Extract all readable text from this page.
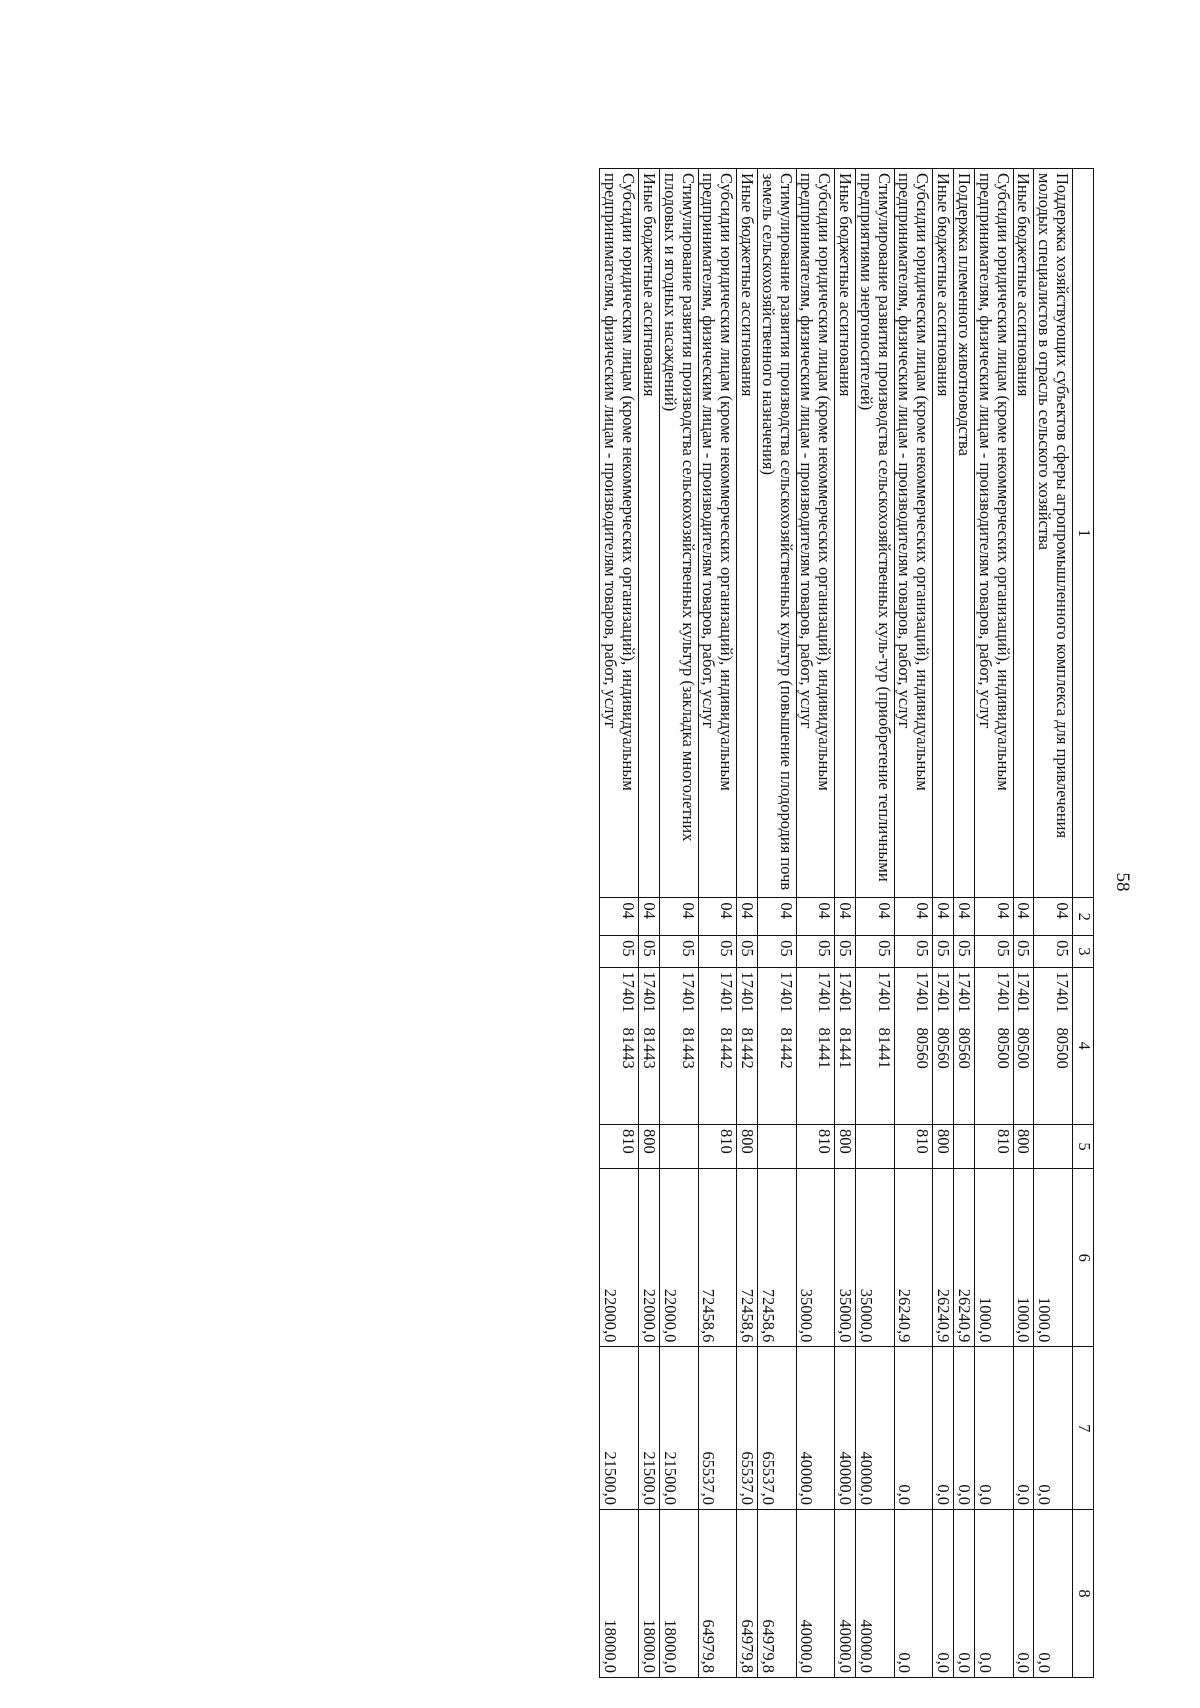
58
1	2	3	4	5	6	7	8
Поддержка хозяйствующих субъектов сферы агропромышленного комплекса для привлечения молодых специалистов в отрасль сельского хозяйства	04	05	1740180500		1000,0	0,0	0,0
Иные бюджетные ассигнования	04	05	1740180500	800	1000,0	0,0	0,0
Субсидии юридическим лицам (кроме некоммерческих организаций), индивидуальным предпринимателям, физическим лицам - производителям товаров, работ, услуг	04	05	1740180500	810	1000,0	0,0	0,0
Поддержка племенного животноводства	04	05	1740180560		26240,9	0,0	0,0
Иные бюджетные ассигнования	04	05	1740180560	800	26240,9	0,0	0,0
Субсидии юридическим лицам (кроме некоммерческих организаций), индивидуальным предпринимателям, физическим лицам - производителям товаров, работ, услуг	04	05	1740180560	810	26240,9	0,0	0,0
Стимулирование развития производства сельскохозяйственных куль-тур (приобретение тепличными предприятиями энергоносителей)	04	05	1740181441		35000,0	40000,0	40000,0
Иные бюджетные ассигнования	04	05	1740181441	800	35000,0	40000,0	40000,0
Субсидии юридическим лицам (кроме некоммерческих организаций), индивидуальным предпринимателям, физическим лицам - производителям товаров, работ, услуг	04	05	1740181441	810	35000,0	40000,0	40000,0
Стимулирование развития производства сельскохозяйственных культур (повышение плодородия почв земель сельскохозяйственного назначения)	04	05	1740181442		72458,6	65537,0	64979,8
Иные бюджетные ассигнования	04	05	1740181442	800	72458,6	65537,0	64979,8
Субсидии юридическим лицам (кроме некоммерческих организаций), индивидуальным предпринимателям, физическим лицам - производителям товаров, работ, услуг	04	05	1740181442	810	72458,6	65537,0	64979,8
Стимулирование развития производства сельскохозяйственных культур (закладка многолетних плодовых и ягодных насаждений)	04	05	1740181443		22000,0	21500,0	18000,0
Иные бюджетные ассигнования	04	05	1740181443	800	22000,0	21500,0	18000,0
Субсидии юридическим лицам (кроме некоммерческих организаций), индивидуальным предпринимателям, физическим лицам - производителям товаров, работ, услуг	04	05	1740181443	810	22000,0	21500,0	18000,0
